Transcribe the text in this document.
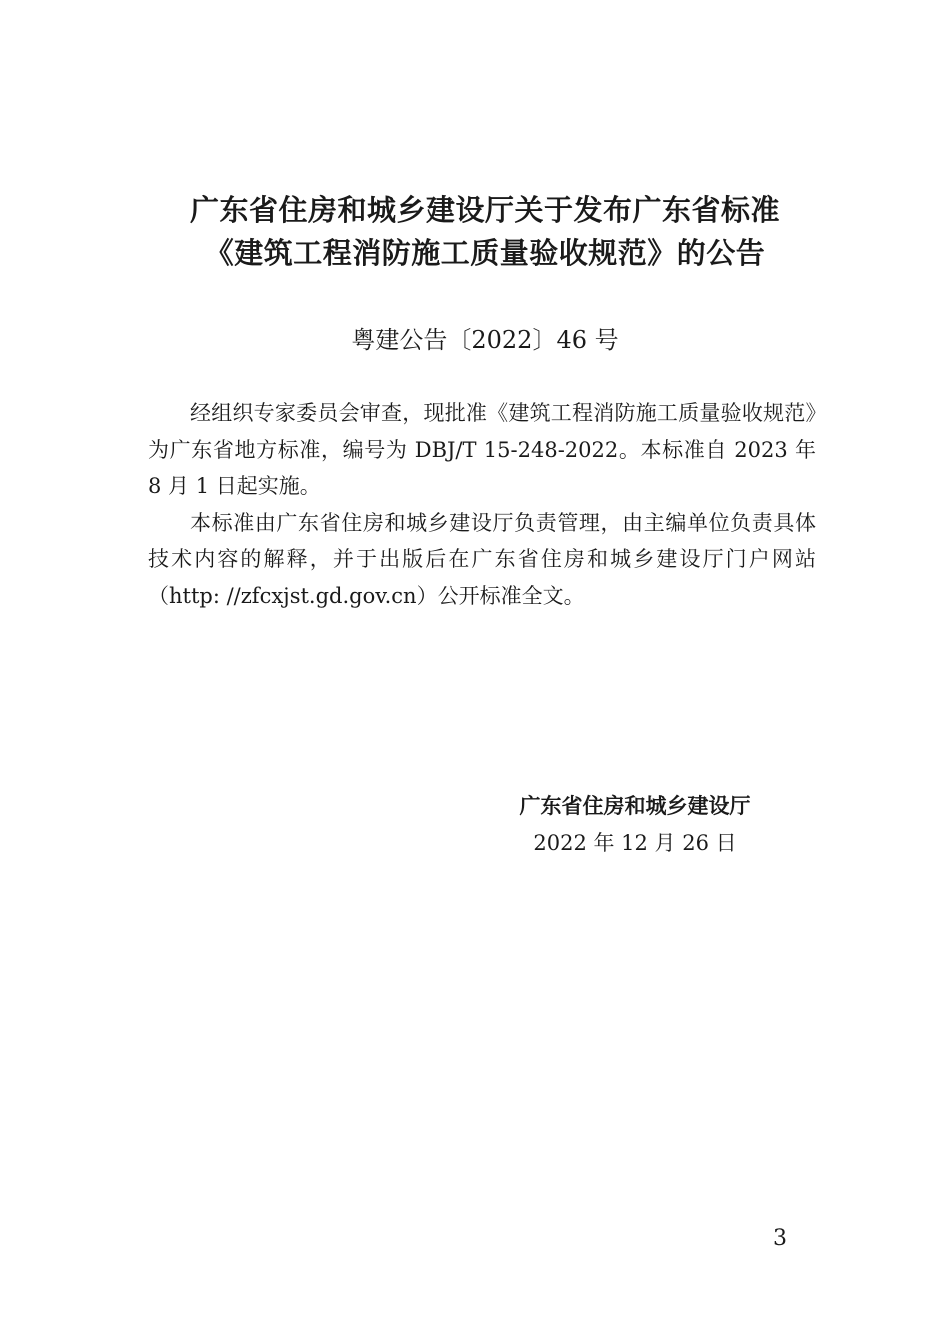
广东省住房和城乡建设厅关于发布广东省标准
《建筑工程消防施工质量验收规范》的公告
粤建公告〔2022〕46 号

经组织专家委员会审查，现批准《建筑工程消防施工质量验收规范》为广东省地方标准，编号为 DBJ/T 15-248-2022。本标准自 2023 年 8 月 1 日起实施。

本标准由广东省住房和城乡建设厅负责管理，由主编单位负责具体技术内容的解释，并于出版后在广东省住房和城乡建设厅门户网站（http: //zfcxjst.gd.gov.cn）公开标准全文。

广东省住房和城乡建设厅
2022 年 12 月 26 日
3
